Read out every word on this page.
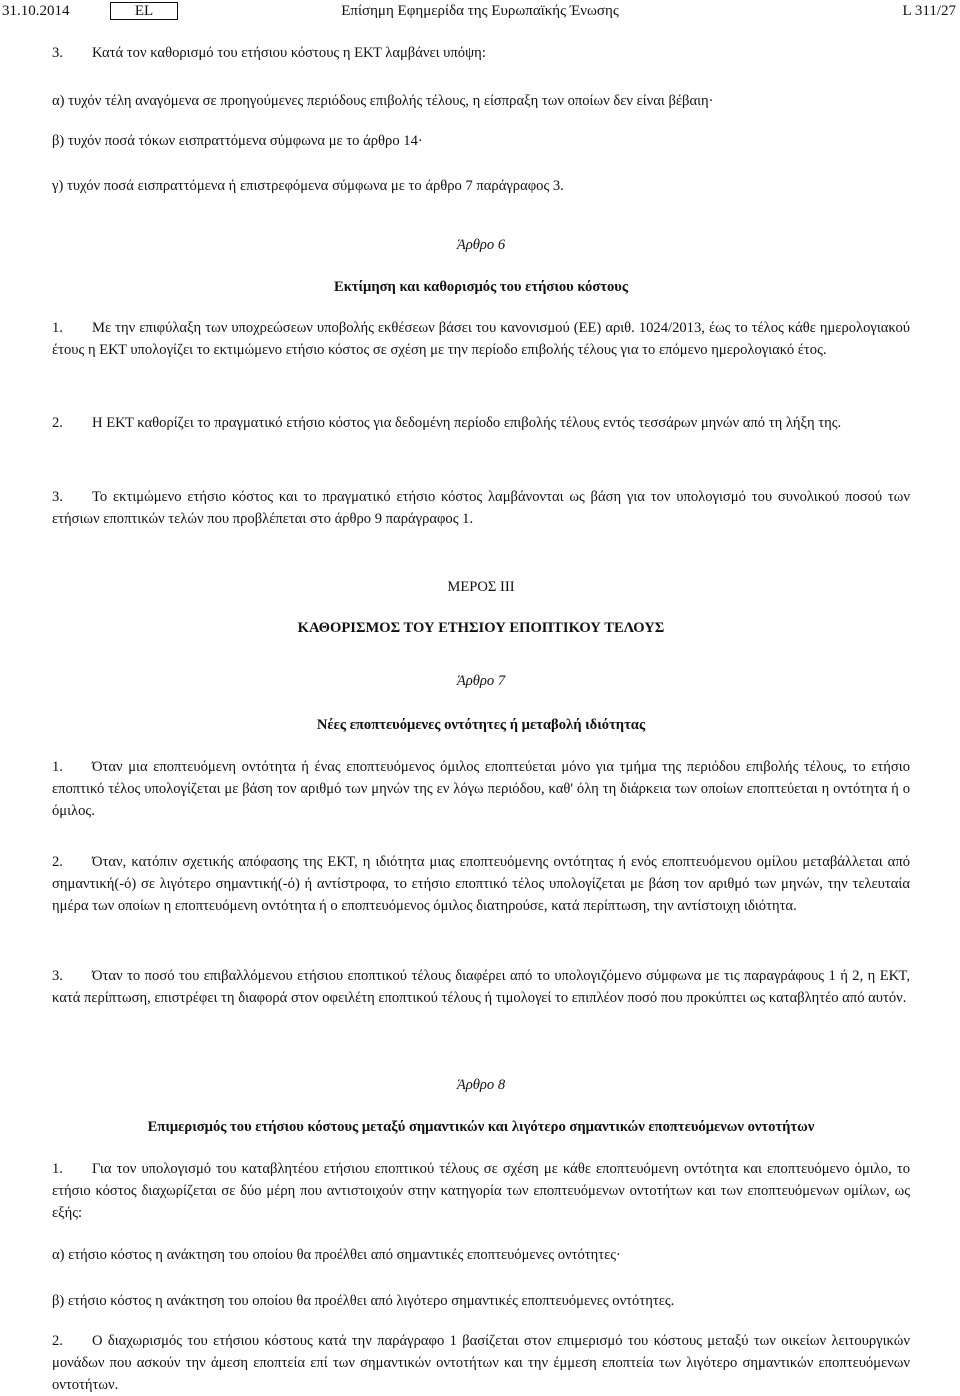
31.10.2014	EL	Επίσημη Εφημερίδα της Ευρωπαϊκής Ένωσης	L 311/27
3. Κατά τον καθορισμό του ετήσιου κόστους η ΕΚΤ λαμβάνει υπόψη:
α) τυχόν τέλη αναγόμενα σε προηγούμενες περιόδους επιβολής τέλους, η είσπραξη των οποίων δεν είναι βέβαιη·
β) τυχόν ποσά τόκων εισπραττόμενα σύμφωνα με το άρθρο 14·
γ) τυχόν ποσά εισπραττόμενα ή επιστρεφόμενα σύμφωνα με το άρθρο 7 παράγραφος 3.
Άρθρο 6
Εκτίμηση και καθορισμός του ετήσιου κόστους
1. Με την επιφύλαξη των υποχρεώσεων υποβολής εκθέσεων βάσει του κανονισμού (ΕΕ) αριθ. 1024/2013, έως το τέλος κάθε ημερολογιακού έτους η ΕΚΤ υπολογίζει το εκτιμώμενο ετήσιο κόστος σε σχέση με την περίοδο επιβολής τέλους για το επόμενο ημερολογιακό έτος.
2. Η ΕΚΤ καθορίζει το πραγματικό ετήσιο κόστος για δεδομένη περίοδο επιβολής τέλους εντός τεσσάρων μηνών από τη λήξη της.
3. Το εκτιμώμενο ετήσιο κόστος και το πραγματικό ετήσιο κόστος λαμβάνονται ως βάση για τον υπολογισμό του συνολικού ποσού των ετήσιων εποπτικών τελών που προβλέπεται στο άρθρο 9 παράγραφος 1.
ΜΕΡΟΣ III
ΚΑΘΟΡΙΣΜΟΣ ΤΟΥ ΕΤΗΣΙΟΥ ΕΠΟΠΤΙΚΟΥ ΤΕΛΟΥΣ
Άρθρο 7
Νέες εποπτευόμενες οντότητες ή μεταβολή ιδιότητας
1. Όταν μια εποπτευόμενη οντότητα ή ένας εποπτευόμενος όμιλος εποπτεύεται μόνο για τμήμα της περιόδου επιβολής τέλους, το ετήσιο εποπτικό τέλος υπολογίζεται με βάση τον αριθμό των μηνών της εν λόγω περιόδου, καθ' όλη τη διάρκεια των οποίων εποπτεύεται η οντότητα ή ο όμιλος.
2. Όταν, κατόπιν σχετικής απόφασης της ΕΚΤ, η ιδιότητα μιας εποπτευόμενης οντότητας ή ενός εποπτευόμενου ομίλου μεταβάλλεται από σημαντική(-ό) σε λιγότερο σημαντική(-ό) ή αντίστροφα, το ετήσιο εποπτικό τέλος υπολογίζεται με βάση τον αριθμό των μηνών, την τελευταία ημέρα των οποίων η εποπτευόμενη οντότητα ή ο εποπτευόμενος όμιλος διατηρούσε, κατά περίπτωση, την αντίστοιχη ιδιότητα.
3. Όταν το ποσό του επιβαλλόμενου ετήσιου εποπτικού τέλους διαφέρει από το υπολογιζόμενο σύμφωνα με τις παραγράφους 1 ή 2, η ΕΚΤ, κατά περίπτωση, επιστρέφει τη διαφορά στον οφειλέτη εποπτικού τέλους ή τιμολογεί το επιπλέον ποσό που προκύπτει ως καταβλητέο από αυτόν.
Άρθρο 8
Επιμερισμός του ετήσιου κόστους μεταξύ σημαντικών και λιγότερο σημαντικών εποπτευόμενων οντοτήτων
1. Για τον υπολογισμό του καταβλητέου ετήσιου εποπτικού τέλους σε σχέση με κάθε εποπτευόμενη οντότητα και εποπτευόμενο όμιλο, το ετήσιο κόστος διαχωρίζεται σε δύο μέρη που αντιστοιχούν στην κατηγορία των εποπτευόμενων οντοτήτων και των εποπτευόμενων ομίλων, ως εξής:
α) ετήσιο κόστος η ανάκτηση του οποίου θα προέλθει από σημαντικές εποπτευόμενες οντότητες·
β) ετήσιο κόστος η ανάκτηση του οποίου θα προέλθει από λιγότερο σημαντικές εποπτευόμενες οντότητες.
2. Ο διαχωρισμός του ετήσιου κόστους κατά την παράγραφο 1 βασίζεται στον επιμερισμό του κόστους μεταξύ των οικείων λειτουργικών μονάδων που ασκούν την άμεση εποπτεία επί των σημαντικών οντοτήτων και την έμμεση εποπτεία των λιγότερο σημαντικών εποπτευόμενων οντοτήτων.
